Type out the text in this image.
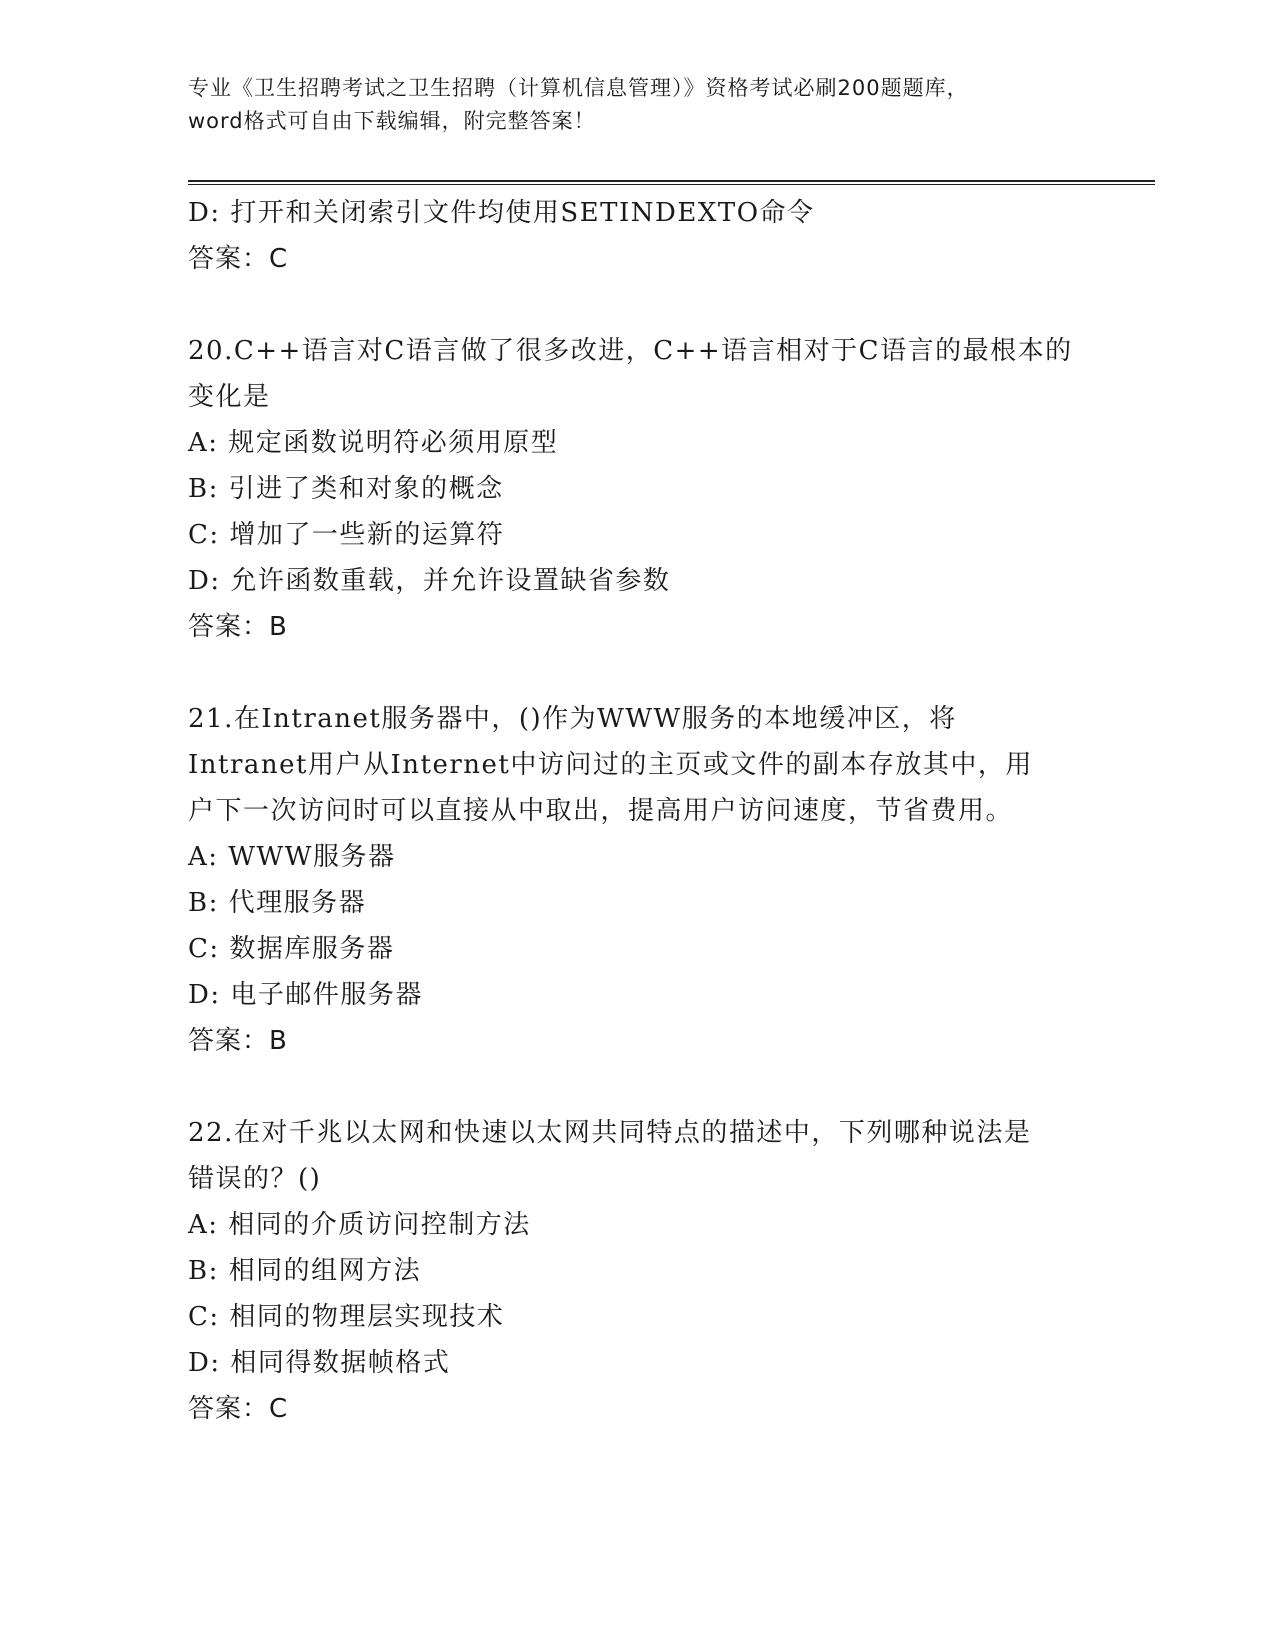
专业《卫生招聘考试之卫生招聘（计算机信息管理）》资格考试必刷200题题库，
word格式可自由下载编辑，附完整答案！
D: 打开和关闭索引文件均使用SETINDEXTO命令
答案：C
20.C++语言对C语言做了很多改进，C++语言相对于C语言的最根本的
变化是
A: 规定函数说明符必须用原型
B: 引进了类和对象的概念
C: 增加了一些新的运算符
D: 允许函数重载，并允许设置缺省参数
答案：B
21.在Intranet服务器中，()作为WWW服务的本地缓冲区，将
Intranet用户从Internet中访问过的主页或文件的副本存放其中，用
户下一次访问时可以直接从中取出，提高用户访问速度，节省费用。
A: WWW服务器
B: 代理服务器
C: 数据库服务器
D: 电子邮件服务器
答案：B
22.在对千兆以太网和快速以太网共同特点的描述中，下列哪种说法是
错误的？()
A: 相同的介质访问控制方法
B: 相同的组网方法
C: 相同的物理层实现技术
D: 相同得数据帧格式
答案：C
